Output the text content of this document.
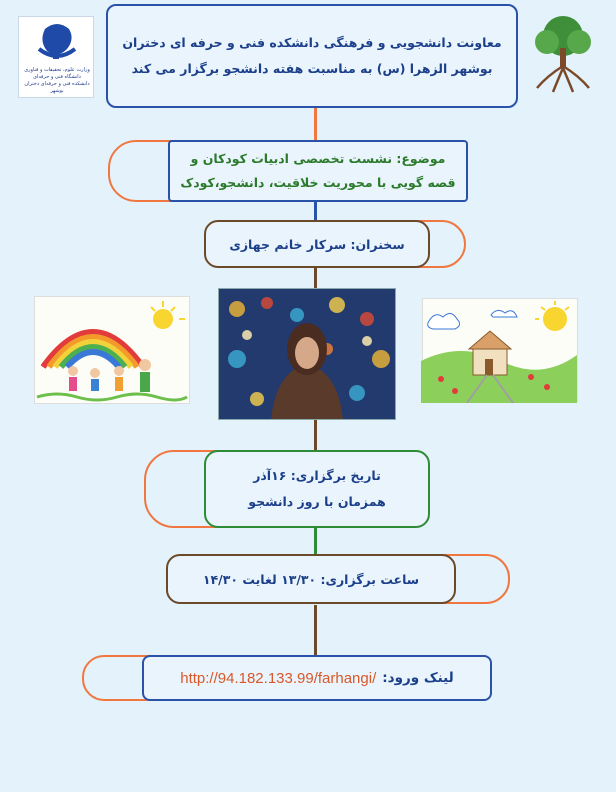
وزارت علوم، تحقیقات و فناوری
دانشگاه فنی و حرفه‌ای
دانشکده فنی و حرفه‌ای دختران بوشهر
معاونت دانشجویی و فرهنگی دانشکده فنی و حرفه ای دختران
بوشهر الزهرا (س) به مناسبت هفته دانشجو برگزار می کند
موضوع: نشست تخصصی ادبیات کودکان و
قصه گویی با محوریت خلاقیت، دانشجو،کودک
سخنران: سرکار خانم جهازی
تاریخ برگزاری: ۱۶آذر
همزمان با روز دانشجو
ساعت برگزاری: ۱۳/۳۰ لغایت ۱۴/۳۰
لینک ورود:
http://94.182.133.99/farhangi/
